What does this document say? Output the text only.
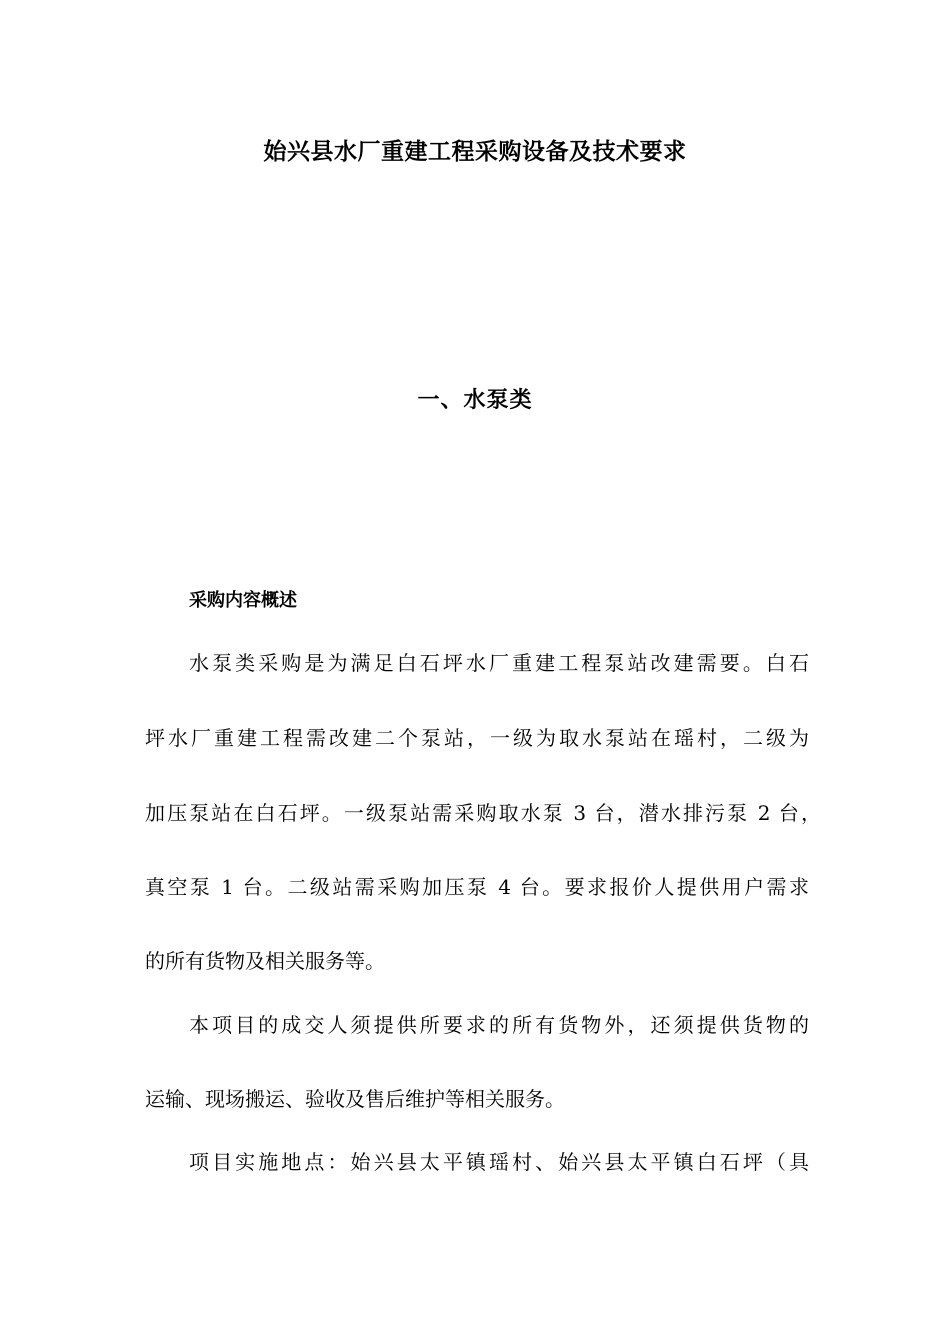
始兴县水厂重建工程采购设备及技术要求
一、水泵类
采购内容概述
水泵类采购是为满足白石坪水厂重建工程泵站改建需要。白石
坪水厂重建工程需改建二个泵站，一级为取水泵站在瑶村，二级为
加压泵站在白石坪。一级泵站需采购取水泵 3 台，潜水排污泵 2 台，
真空泵 1 台。二级站需采购加压泵 4 台。要求报价人提供用户需求
的所有货物及相关服务等。
本项目的成交人须提供所要求的所有货物外，还须提供货物的
运输、现场搬运、验收及售后维护等相关服务。
项目实施地点：始兴县太平镇瑶村、始兴县太平镇白石坪（具
